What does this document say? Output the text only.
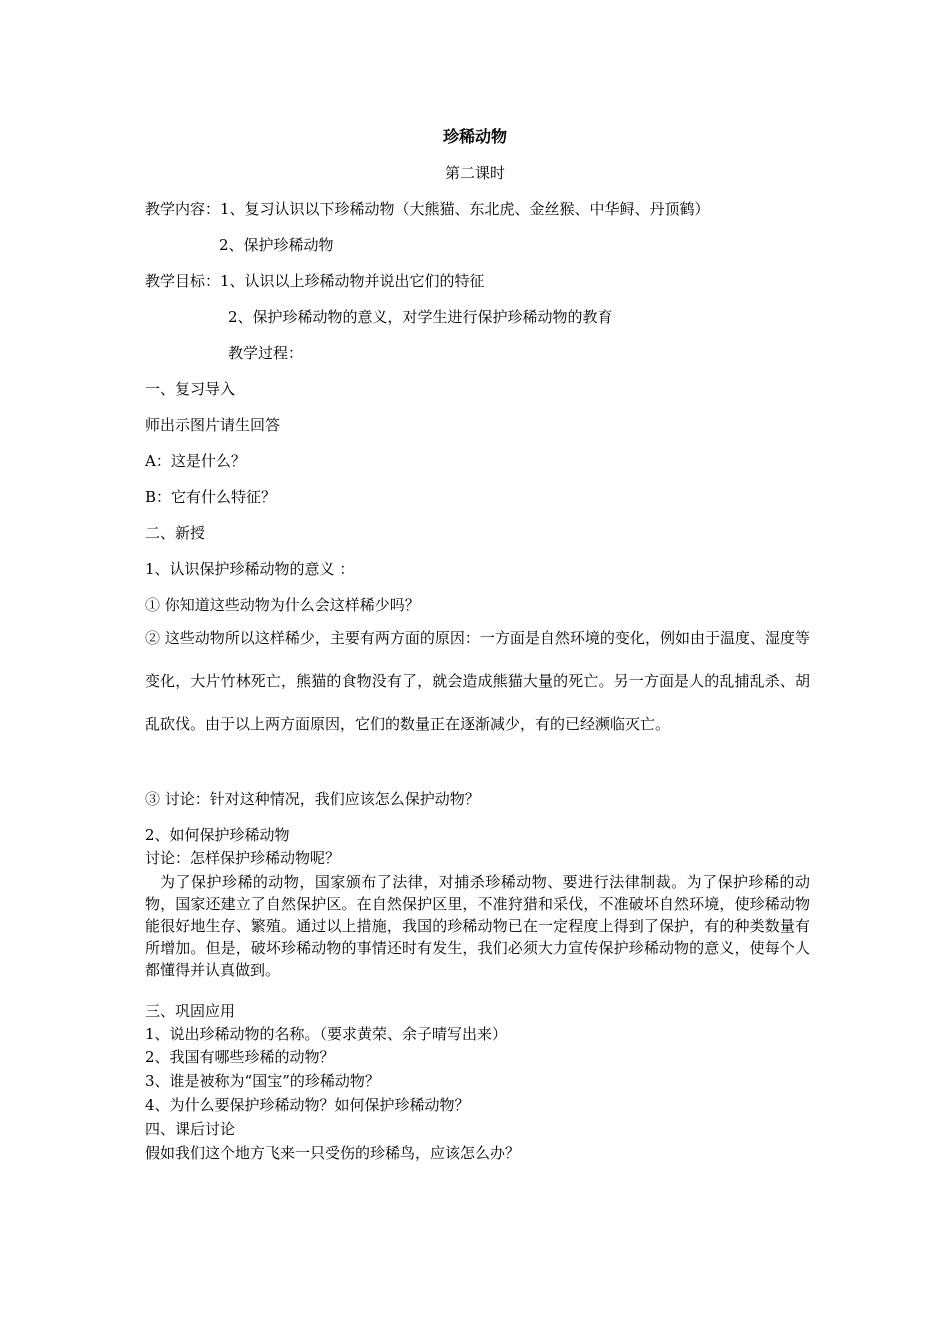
珍稀动物
第二课时
教学内容：1、复习认识以下珍稀动物（大熊猫、东北虎、金丝猴、中华鲟、丹顶鹤）
2、保护珍稀动物
教学目标：1、认识以上珍稀动物并说出它们的特征
2、保护珍稀动物的意义，对学生进行保护珍稀动物的教育
教学过程：
一、复习导入
师出示图片请生回答
A：这是什么？
B：它有什么特征？
二、新授
1、认识保护珍稀动物的意义 ：
① 你知道这些动物为什么会这样稀少吗？

② 这些动物所以这样稀少，主要有两方面的原因：一方面是自然环境的变化，例如由于温度、湿度等变化，大片竹林死亡，熊猫的食物没有了，就会造成熊猫大量的死亡。另一方面是人的乱捕乱杀、胡乱砍伐。由于以上两方面原因，它们的数量正在逐渐减少，有的已经濒临灭亡。

③ 讨论：针对这种情况，我们应该怎么保护动物？
2、如何保护珍稀动物
讨论：怎样保护珍稀动物呢？

为了保护珍稀的动物，国家颁布了法律，对捕杀珍稀动物、要进行法律制裁。为了保护珍稀的动物，国家还建立了自然保护区。在自然保护区里，不准狩猎和采伐，不准破坏自然环境，使珍稀动物能很好地生存、繁殖。通过以上措施，我国的珍稀动物已在一定程度上得到了保护，有的种类数量有所增加。但是，破坏珍稀动物的事情还时有发生，我们必须大力宣传保护珍稀动物的意义，使每个人都懂得并认真做到。

三、巩固应用
1、说出珍稀动物的名称。（要求黄荣、余子晴写出来）
2、我国有哪些珍稀的动物？
3、谁是被称为“国宝”的珍稀动物？
4、为什么要保护珍稀动物？如何保护珍稀动物？
四、课后讨论
假如我们这个地方飞来一只受伤的珍稀鸟，应该怎么办？
